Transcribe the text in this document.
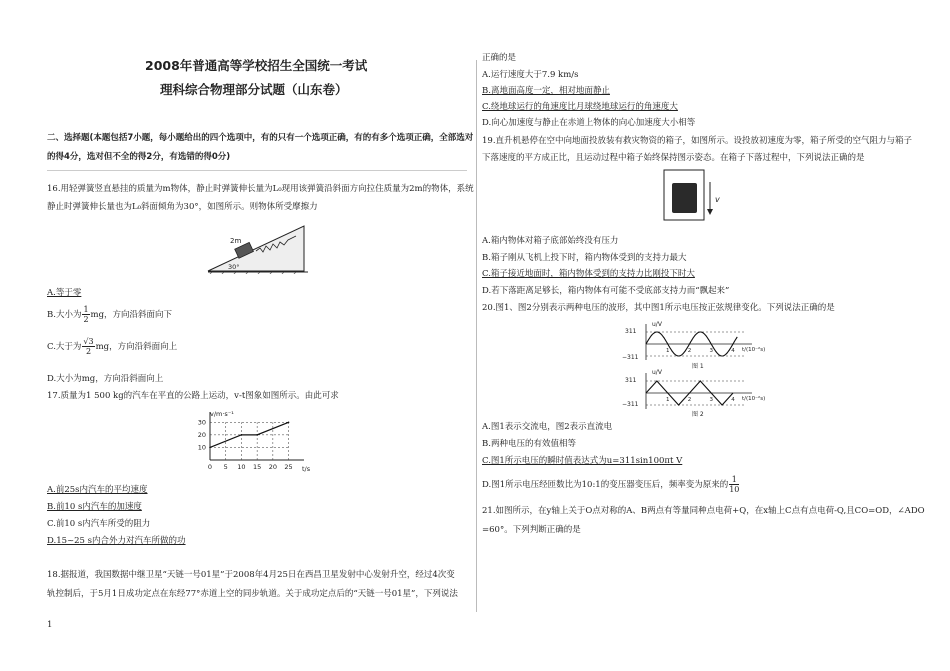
2008年普通高等学校招生全国统一考试
理科综合物理部分试题（山东卷）
二、选择题(本题包括7小题，每小题给出的四个选项中，有的只有一个选项正确，有的有多个选项正确，全部选对
的得4分，选对但不全的得2分，有选错的得0分)
16.用轻弹簧竖直悬挂的质量为m物体，静止时弹簧伸长量为L₀现用该弹簧沿斜面方向拉住质量为2m的物体，系统
静止时弹簧伸长量也为L₀斜面倾角为30°，如图所示。则物体所受摩擦力
2m
30°
A.等于零
B.大小为 $\frac{1}{2}$ mg，方向沿斜面向下
C.大于为 $\frac{√3}{2}$ mg，方向沿斜面向上
D.大小为mg，方向沿斜面向上
17.质量为1 500 kg的汽车在平直的公路上运动，v-t图象如图所示。由此可求
v/m·s⁻¹
t/s
10
20
30
0 5 10 15 20 25
A.前25s内汽车的平均速度
B.前10 s内汽车的加速度
C.前10 s内汽车所受的阻力
D.15~25 s内合外力对汽车所做的功
18.据报道，我国数据中继卫星“天链一号01星”于2008年4月25日在西昌卫星发射中心发射升空，经过4次变
轨控制后，于5月1日成功定点在东经77°赤道上空的同步轨道。关于成功定点后的“天链一号01星”，下列说法
1
正确的是
A.运行速度大于7.9 km/s
B.离地面高度一定，相对地面静止
C.绕地球运行的角速度比月球绕地球运行的角速度大
D.向心加速度与静止在赤道上物体的向心加速度大小相等
19.直升机悬停在空中向地面投放装有救灾物资的箱子，如图所示。设投放初速度为零，箱子所受的空气阻力与箱子
下落速度的平方成正比，且运动过程中箱子始终保持图示姿态。在箱子下落过程中，下列说法正确的是
v
A.箱内物体对箱子底部始终没有压力
B.箱子刚从飞机上投下时，箱内物体受到的支持力最大
C.箱子接近地面时，箱内物体受到的支持力比刚投下时大
D.若下落距离足够长，箱内物体有可能不受底部支持力而“飘起来”
20.图1、图2分别表示两种电压的波形，其中图1所示电压按正弦规律变化。下列说法正确的是
u/V
t/(10⁻²s)
311
−311
图 1
u/V
t/(10⁻²s)
311
−311
图 2
1	2	3	4
1	2	3	4
A.图1表示交流电，图2表示直流电
B.两种电压的有效值相等
C.图1所示电压的瞬时值表达式为u=311sin100πt V
D.图1所示电压经匝数比为10:1的变压器变压后，频率变为原来的 $\frac{1}{10}$
21.如图所示，在y轴上关于O点对称的A、B两点有等量同种点电荷+Q，在x轴上C点有点电荷-Q,且CO=OD，∠ADO
=60°。下列判断正确的是
